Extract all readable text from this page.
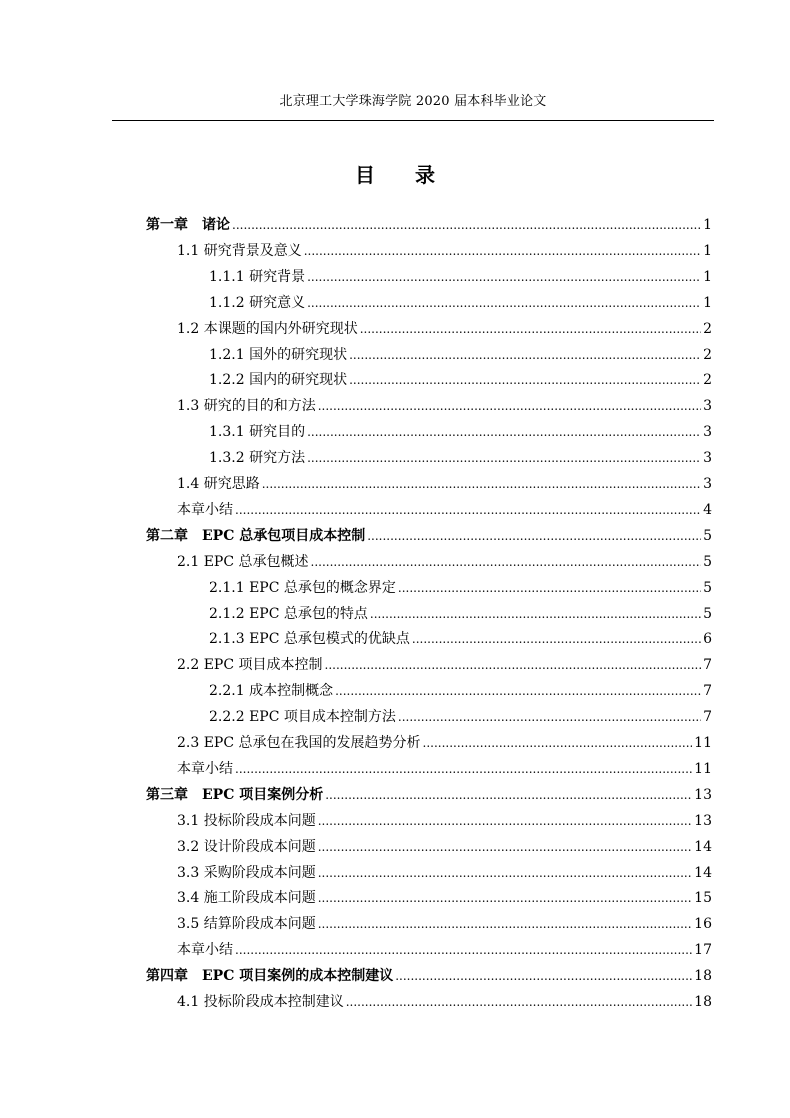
北京理工大学珠海学院 2020 届本科毕业论文
目 录
第一章　诸论 .....	1
1.1 研究背景及意义 .....	1
1.1.1 研究背景 .....	1
1.1.2 研究意义 .....	1
1.2 本课题的国内外研究现状 .....	2
1.2.1 国外的研究现状 .....	2
1.2.2 国内的研究现状 .....	2
1.3 研究的目的和方法 .....	3
1.3.1 研究目的 .....	3
1.3.2 研究方法 .....	3
1.4 研究思路 .....	3
本章小结 .....	4
第二章　EPC 总承包项目成本控制 .....	5
2.1 EPC 总承包概述 .....	5
2.1.1 EPC 总承包的概念界定 .....	5
2.1.2 EPC 总承包的特点 .....	5
2.1.3 EPC 总承包模式的优缺点 .....	6
2.2 EPC 项目成本控制 .....	7
2.2.1 成本控制概念 .....	7
2.2.2 EPC 项目成本控制方法 .....	7
2.3 EPC 总承包在我国的发展趋势分析 .....	11
本章小结 .....	11
第三章　EPC 项目案例分析 .....	13
3.1 投标阶段成本问题 .....	13
3.2 设计阶段成本问题 .....	14
3.3 采购阶段成本问题 .....	14
3.4 施工阶段成本问题 .....	15
3.5 结算阶段成本问题 .....	16
本章小结 .....	17
第四章　EPC 项目案例的成本控制建议 .....	18
4.1 投标阶段成本控制建议 .....	18
